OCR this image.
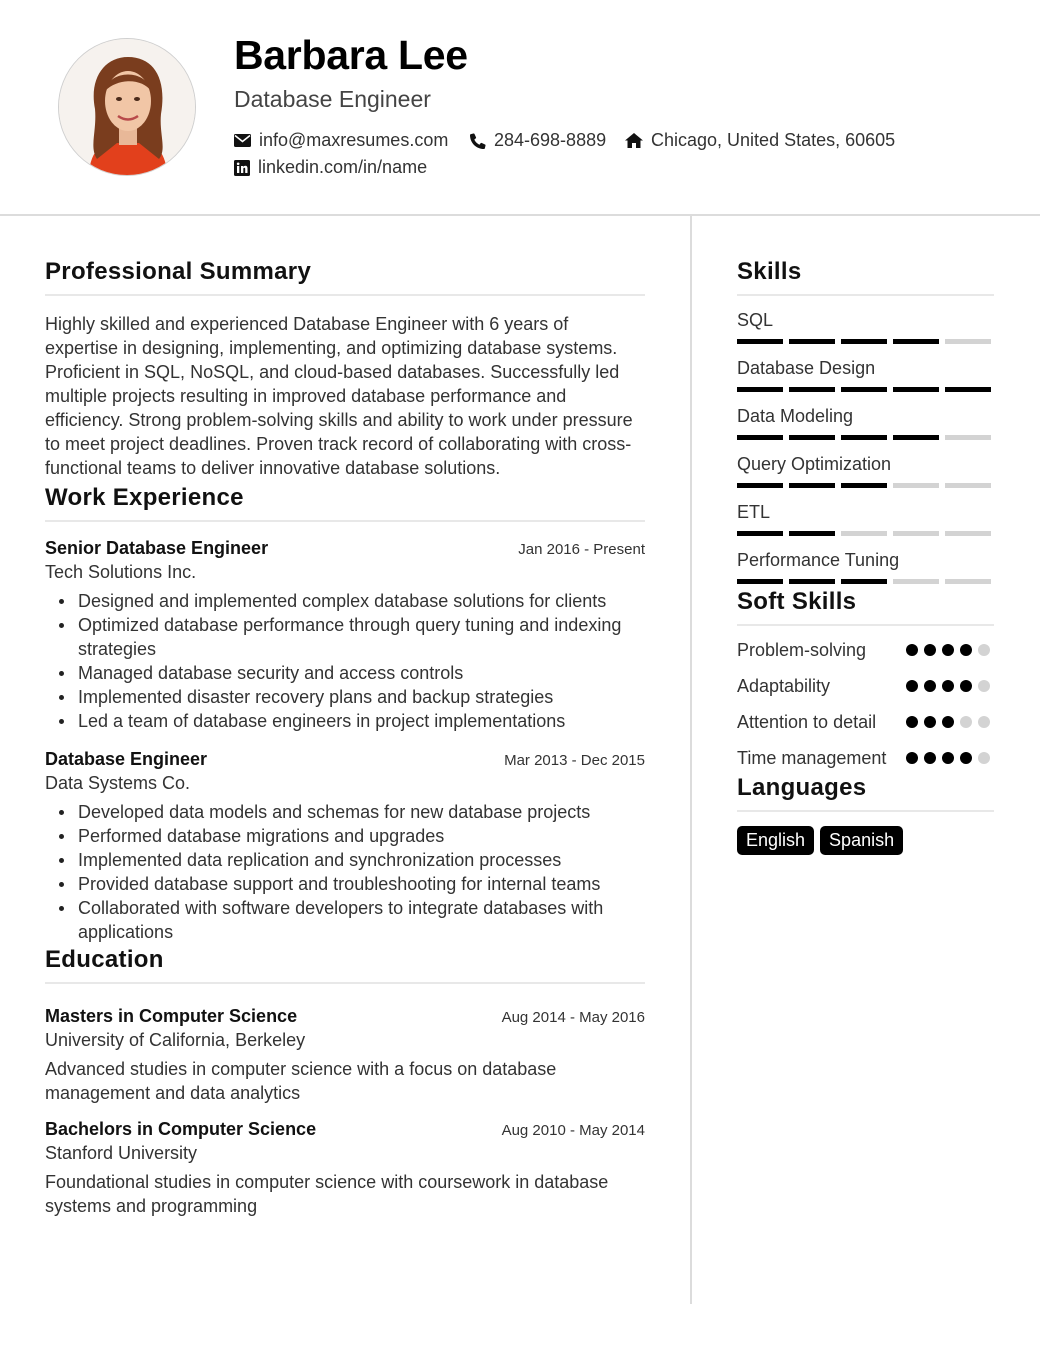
Barbara Lee
Database Engineer
info@maxresumes.com	284-698-8889 Chicago, United States, 60605
linkedin.com/in/name
Professional Summary
Highly skilled and experienced Database Engineer with 6 years of expertise in designing, implementing, and optimizing database systems. Proficient in SQL, NoSQL, and cloud-based databases. Successfully led multiple projects resulting in improved database performance and efficiency. Strong problem-solving skills and ability to work under pressure to meet project deadlines. Proven track record of collaborating with cross-functional teams to deliver innovative database solutions.
Work Experience
Senior Database Engineer	Jan 2016 - Present
Tech Solutions Inc.
Designed and implemented complex database solutions for clients
Optimized database performance through query tuning and indexing strategies
Managed database security and access controls
Implemented disaster recovery plans and backup strategies
Led a team of database engineers in project implementations
Database Engineer	Mar 2013 - Dec 2015
Data Systems Co.
Developed data models and schemas for new database projects
Performed database migrations and upgrades
Implemented data replication and synchronization processes
Provided database support and troubleshooting for internal teams
Collaborated with software developers to integrate databases with applications
Education
Masters in Computer Science	Aug 2014 - May 2016
University of California, Berkeley
Advanced studies in computer science with a focus on database management and data analytics
Bachelors in Computer Science	Aug 2010 - May 2014
Stanford University
Foundational studies in computer science with coursework in database systems and programming
Skills
SQL
Database Design
Data Modeling
Query Optimization
ETL
Performance Tuning
Soft Skills
Problem-solving
Adaptability
Attention to detail
Time management
Languages
English	Spanish
